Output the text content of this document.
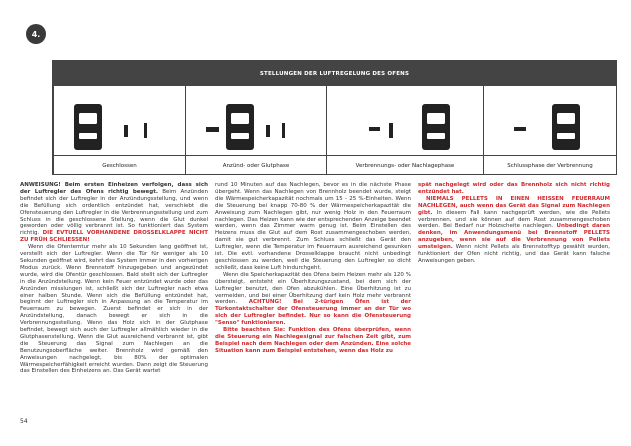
4.
STELLUNGEN DER LUFTREGELUNG DES OFENS
Geschlossen	Anzünd- oder Glutphase	Verbrennungs- oder Nachlagephase	Schlussphase der Verbrennung

ANWEISUNG! Beim ersten Einheizen verfolgen, dass sich der Luftregler des Ofens richtig bewegt. Beim Anzünden befindet sich der Luftregler in der Anzündungsstellung, und wenn die Befüllung sich ordentlich entzündet hat, verschiebt die Ofensteuerung den Luftregler in die Verbrennungsstellung und zum Schluss in die geschlossene Stellung, wenn die Glut dunkel geworden oder völlig verbrannt ist. So funktioniert das System richtig. DIE EVTUELL VORHANDENE DROSSELKLAPPE NICHT ZU FRÜH SCHLIESSEN!

Wenn die Ofentemtur mehr als 10 Sekunden lang geöffnet ist, verstellt sich der Luftregler. Wenn die Tür für weniger als 10 Sekunden geöffnet wird, kehrt das System immer in den vorherigen Modus zurück. Wenn Brennstoff hinzugegeben und angezündet wurde, wird die Ofentür geschlossen. Bald stellt sich der Luftregler in die Anzündstellung. Wenn kein Feuer entzündet wurde oder das Anzünden misslungen ist, schließt sich der Luftregler nach etwa einer halben Stunde. Wenn sich die Befüllung entzündet hat, beginnt der Luftregler sich in Anpassung an die Temperatur im Feuerraum zu bewegen. Zuerst befindet er sich in der Anzündstellung, danach bewegt er sich in die Verbrennungsstellung. Wenn das Holz sich in der Glutphase befindet, bewegt sich auch der Luftregler allmählich wieder in die Glutphasenstellung. Wenn die Glut ausreichend verbrannt ist, gibt die Steuerung das Signal zum Nachlegen an die Benutzungsoberfläche weiter. Brennholz wird gemäß den Anweisungen nachgelegt, bis 80% der optimalen Wärmespeicherfähigkeit erreicht wurden. Dann zeigt die Steuerung das Einstellen des Einheizens an. Das Gerät wartet

rund 10 Minuten auf das Nachlegen, bevor es in die nächste Phase übergeht. Wenn das Nachlegen von Brennholz beendet wurde, steigt die Wärmespeicherkapazität nochmals um 15 - 25 %-Einheiten. Wenn die Steuerung bei knapp 70-80 % der Wärmespeicherkapazität die Anweisung zum Nachlegen gibt, nur wenig Holz in den Feuerraum nachlegen. Das Heizen kann wie der entsprechenden Anzeige beendet werden, wenn das Zimmer warm genug ist. Beim Einstellen des Heizens muss die Glut auf dem Rost zusammengeschoben werden, damit sie gut verbrennt. Zum Schluss schließt das Gerät den Luftregler, wenn die Temperatur im Feuerraum ausreichend gesunken ist. Die evtl. vorhandene Drosselklappe braucht nicht unbedingt geschlossen zu werden, weil die Steuerung den Luftregler so dicht schließt, dass keine Luft hindurchgeht.

Wenn die Speicherkapazität des Ofens beim Heizen mehr als 120 % übersteigt, entsteht ein Überhitzungszustand, bei dem sich der Luftregler benutzt, den Ofen abzukühlen. Eine Überhitzung ist zu vermeiden, und bei einer Überhitzung darf kein Holz mehr verbrannt werden. ACHTUNG! Bei 2-türigen Öfen ist der Türkontaktschalter der Ofensteuerung immer an der Tür wo sich der Luftregler befindet. Nur so kann die Ofensteuerung "Senso" funktionieren.

Bitte beachten Sie: Funktion des Ofens überprüfen, wenn die Steuerung ein Nachlegesignal zur falschen Zeit gibt, zum Beispiel nach dem Nachlegen oder dem Anzünden. Eine solche Situation kann zum Beispiel entstehen, wenn das Holz zu

spät nachgelegt wird oder das Brennholz sich nicht richtig entzündet hat.

NIEMALS PELLETS IN EINEN HEISSEN FEUERRAUM NACHLEGEN, auch wenn das Gerät das Signal zum Nachlegen gibt. In diesem Fall kann nachgeprüft werden, wie die Pellets verbrennen, und sie können auf dem Rost zusammengeschoben werden. Bei Bedarf nur Holzscheite nachlegen. Unbedingt daran denken, im Anwendungsmenü bei Brennstoff PELLETS anzugeben, wenn sie auf die Verbrennung von Pellets umsteigen. Wenn nicht Pellets als Brennstofftyp gewählt wurden, funktioniert der Ofen nicht richtig, und das Gerät kann falsche Anweisungen geben.

54
